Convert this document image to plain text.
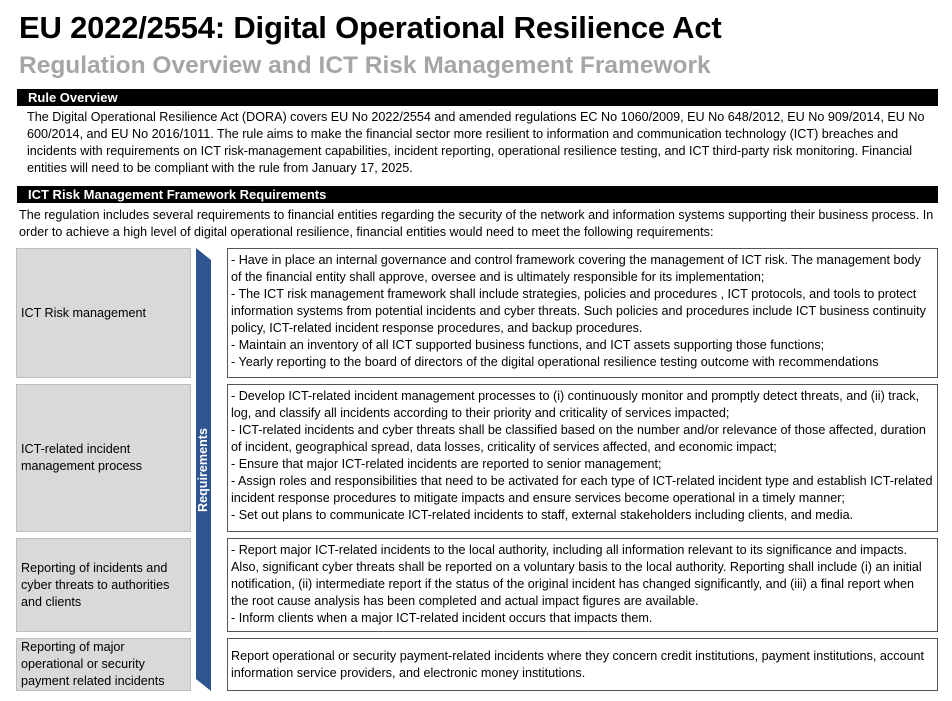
EU 2022/2554: Digital Operational Resilience Act
Regulation Overview and ICT Risk Management Framework
Rule Overview
The Digital Operational Resilience Act (DORA) covers EU No 2022/2554 and amended regulations EC No 1060/2009, EU No 648/2012, EU No 909/2014, EU No 600/2014, and EU No 2016/1011. The rule aims to make the financial sector more resilient to information and communication technology (ICT) breaches and incidents with requirements on ICT risk-management capabilities, incident reporting, operational resilience testing, and ICT third-party risk monitoring. Financial entities will need to be compliant with the rule from January 17, 2025.
ICT Risk Management Framework Requirements
The regulation includes several requirements to financial entities regarding the security of the network and information systems supporting their business process. In order to achieve a high level of digital operational resilience, financial entities would need to meet the following requirements:
ICT Risk management
ICT-related incident management process
Reporting of incidents and cyber threats to authorities and clients
Reporting of major operational or security payment related incidents
Requirements
- Have in place an internal governance and control framework covering the management of ICT risk. The management body of the financial entity shall approve, oversee and is ultimately responsible for its implementation;
- The ICT risk management framework shall include strategies, policies and procedures , ICT protocols, and tools to protect information systems from potential incidents and cyber threats. Such policies and procedures include ICT business continuity policy, ICT-related incident response procedures, and backup procedures.
- Maintain an inventory of all ICT supported business functions, and ICT assets supporting those functions;
- Yearly reporting to the board of directors of the digital operational resilience testing outcome with recommendations
- Develop ICT-related incident management processes to (i) continuously monitor and promptly detect threats, and (ii) track, log, and classify all incidents according to their priority and criticality of services impacted;
- ICT-related incidents and cyber threats shall be classified based on the number and/or relevance of those affected, duration of incident, geographical spread, data losses, criticality of services affected, and economic impact;
- Ensure that major ICT-related incidents are reported to senior management;
- Assign roles and responsibilities that need to be activated for each type of ICT-related incident type and establish ICT-related incident response procedures to mitigate impacts and ensure services become operational in a timely manner;
- Set out plans to communicate ICT-related incidents to staff, external stakeholders including clients, and media.
- Report major ICT-related incidents to the local authority, including all information relevant to its significance and impacts. Also, significant cyber threats shall be reported on a voluntary basis to the local authority. Reporting shall include (i) an initial notification, (ii) intermediate report if the status of the original incident has changed significantly, and (iii) a final report when the root cause analysis has been completed and actual impact figures are available.
- Inform clients when a major ICT-related incident occurs that impacts them.
Report operational or security payment-related incidents where they concern credit institutions, payment institutions, account information service providers, and electronic money institutions.
